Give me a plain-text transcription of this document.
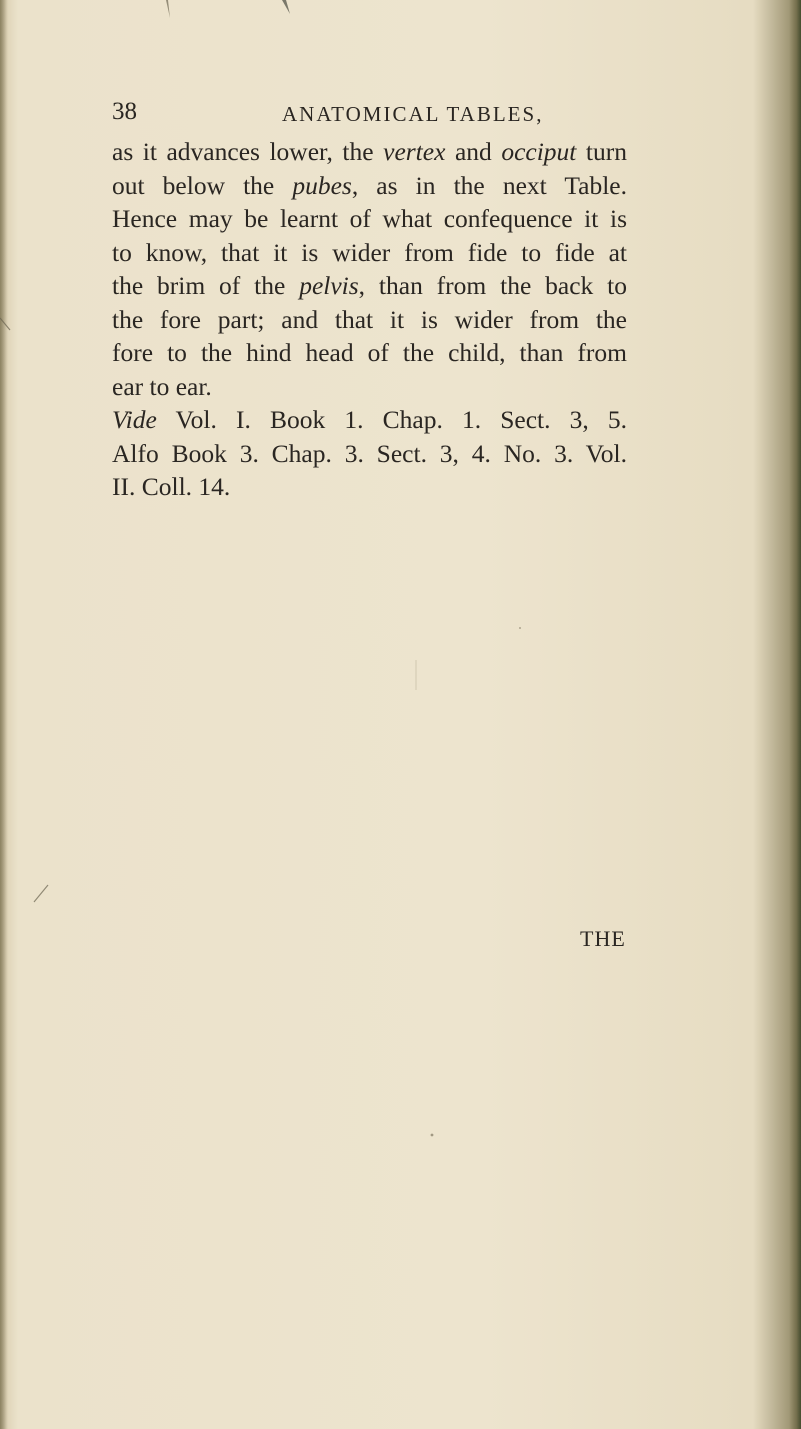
38	ANATOMICAL TABLES,
as it advances lower, the vertex and occiput turn
out below the pubes, as in the next Table.
Hence may be learnt of what confequence it is
to know, that it is wider from fide to fide at
the brim of the pelvis, than from the back to
the fore part; and that it is wider from the
fore to the hind head of the child, than from
ear to ear.
Vide Vol. I. Book 1. Chap. 1. Sect. 3, 5.
Alfo Book 3. Chap. 3. Sect. 3, 4. No. 3. Vol.
II. Coll. 14.
THE
